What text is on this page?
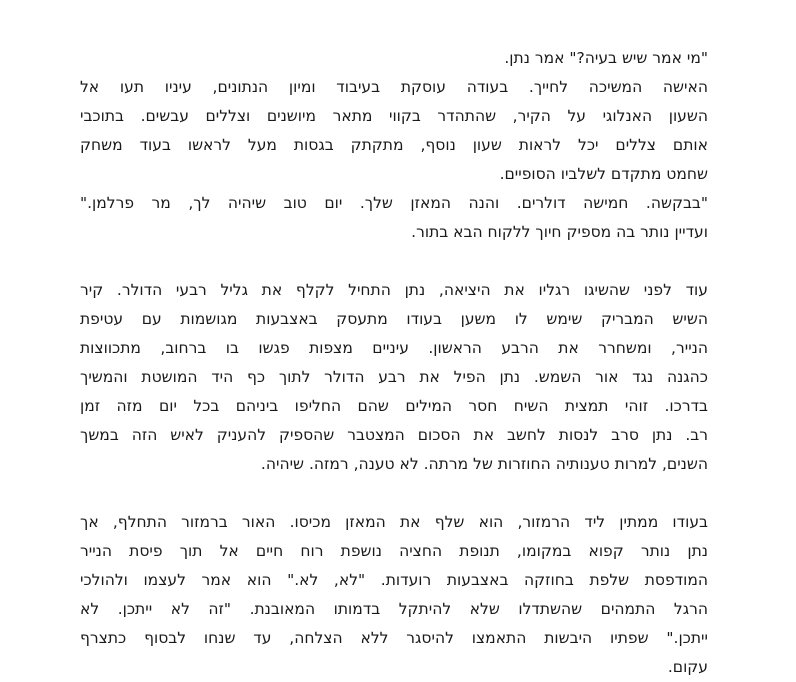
"מי אמר שיש בעיה?" אמר נתן.
האישה המשיכה לחייך. בעודה עוסקת בעיבוד ומיון הנתונים, עיניו תעו אל
השעון האנלוגי על הקיר, שהתהדר בקווי מתאר מיושנים וצללים עבשים. בתוכבי
אותם צללים יכל לראות שעון נוסף, מתקתק בגסות מעל לראשו בעוד משחק
שחמט מתקדם לשלביו הסופיים.
"בבקשה. חמישה דולרים. והנה המאזן שלך. יום טוב שיהיה לך, מר פרלמן."
ועדיין נותר בה מספיק חיוך ללקוח הבא בתור.
עוד לפני שהשיגו רגליו את היציאה, נתן התחיל לקלף את גליל רבעי הדולר. קיר
השיש המבריק שימש לו משען בעודו מתעסק באצבעות מגושמות עם עטיפת
הנייר, ומשחרר את הרבע הראשון. עיניים מצפות פגשו בו ברחוב, מתכווצות
כהגנה נגד אור השמש. נתן הפיל את רבע הדולר לתוך כף היד המושטת והמשיך
בדרכו. זוהי תמצית השיח חסר המילים שהם החליפו ביניהם בכל יום מזה זמן
רב. נתן סרב לנסות לחשב את הסכום המצטבר שהספיק להעניק לאיש הזה במשך
השנים, למרות טענותיה החוזרות של מרתה. לא טענה, רמזה. שיהיה.
בעודו ממתין ליד הרמזור, הוא שלף את המאזן מכיסו. האור ברמזור התחלף, אך
נתן נותר קפוא במקומו, תנופת החציה נושפת רוח חיים אל תוך פיסת הנייר
המודפסת שלפת בחוזקה באצבעות רועדות. "לא, לא." הוא אמר לעצמו ולהולכי
הרגל התמהים שהשתדלו שלא להיתקל בדמותו המאובנת. "זה לא ייתכן. לא
ייתכן." שפתיו היבשות התאמצו להיסגר ללא הצלחה, עד שנחו לבסוף כתצרף
עקום.
